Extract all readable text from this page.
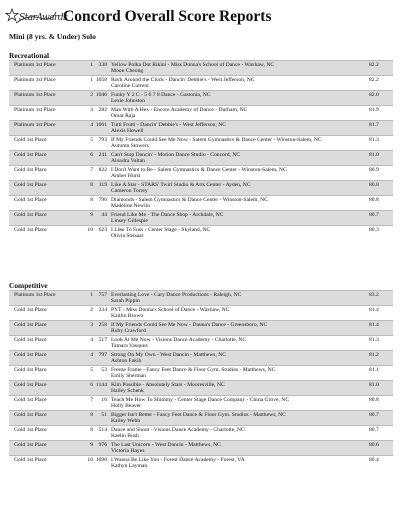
StarAwards
Concord Overall Score Reports
Mini (8 yrs. & Under) Solo
Recreational
Platinum 1st Place	1	338 Yellow Polka Dot Bikini - Miss Donna's School of Dance - Waxhaw, NC
Moon Cheong
82.2
Platinum 1st Place	1 1058 Rock Around the Clock - Dancin' Debbie's - West Jefferson, NC
Caroline Current
82.2
Platinum 1st Place	2 1046 Funky Y 2 C - 5 6 7 8 Dance - Gastonia, NC
Lexie Johnston
82.0
Platinum 1st Place	3	282 Man With A Hex - Encore Academy of Dance - Durham, NC
Omar Raja
81.9
Platinum 1st Place	4 1061 Tutti Frutti - Dancin' Debbie's - West Jefferson, NC
Alexis Howell
81.7
Gold 1st Place	5	793 If My Friends Could See Me Now - Salem Gymnastics & Dance Center - Winston-Salem, NC
Autumn Stowers
81.3
Gold 1st Place	6	241 Can't Stop Dancin' - Motion Dance Studio - Concord, NC
Alondra Valtan
81.0
Gold 1st Place	7	822 I Don't Want to Be - Salem Gymnastics & Dance Center - Winston-Salem, NC
Amber Hurst
80.9
Gold 1st Place	8	119 Like A Star - STARS' Twirl Studio & Arts Center - Ayden, NC
Cameron Torrey
80.8
Gold 1st Place	8	796 Diamonds - Salem Gymnastics & Dance Center - Winston-Salem, NC
Madeline Newlin
80.8
Gold 1st Place	9	44 Friend Like Me - The Dance Shop - Archdale, NC
Linsey Gillespie
80.7
Gold 1st Place	10	623 I Like To Fuss - Center Stage - Skyland, NC
Olivia Sossaar
80.3
Competitive
Platinum 1st Place	1	757 Everlasting Love - Cary Dance Productions - Raleigh, NC
Sarah Pippin
83.2
Gold 1st Place	2	334 PYT - Miss Donna's School of Dance - Waxhaw, NC
Kaitlin Brown
81.4
Gold 1st Place	3	258 If My Friends Could See Me Now - Dauna's Dance - Greensboro, NC
Ruby Crawford
81.4
Gold 1st Place	4	517 Look At Me Now - Visions Dance Academy - Charlotte, NC
Tamara Vasquez
81.3
Gold 1st Place	4	797 Strong On My Own - West Dancin - Matthews, NC
Ashton Fakih
81.2
Gold 1st Place	5	53 Freeze Frame - Fancy Feet Dance & Floor Gym. Studios - Matthews, NC
Emily Sherman
81.1
Gold 1st Place	6 1144 Kim Possible - Absolutely Stars - Mooresville, NC
Hailey Schenk
81.0
Gold 1st Place	7	16 Teach Me How To Shimmy - Center Stage Dance Company - China Grove, NC
Holly Beaver
80.8
Gold 1st Place	8	51 Bigger Isn't Better - Fancy Feet Dance & Floor Gym. Studios - Matthews, NC
Kailey Webb
80.7
Gold 1st Place	8	514 Dance and Shout - Visions Dance Academy - Charlotte, NC
Kaelin Bush
80.7
Gold 1st Place	9	976 The Last Unicorn - West Dancin - Matthews, NC
Victoria Hayes
80.6
Gold 1st Place	10 1090 I Wanna Be Like You - Forest Dance Academy - Forest, VA
Kathyn Layman
80.4
